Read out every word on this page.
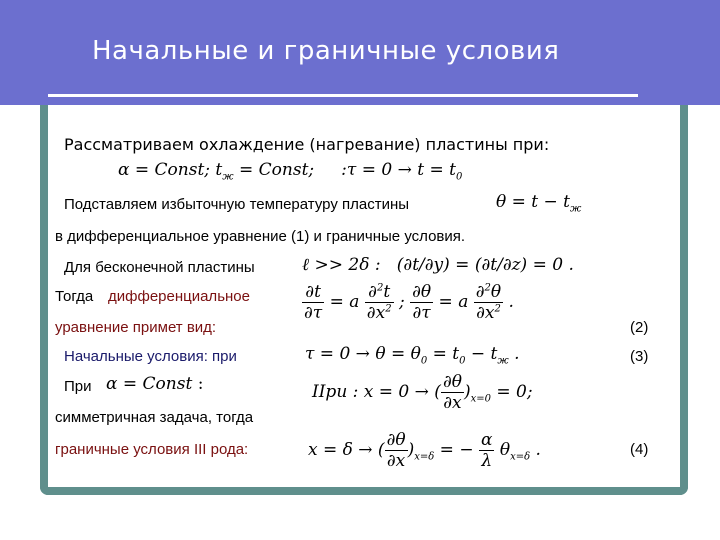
Начальные и граничные условия
Рассматриваем охлаждение (нагревание) пластины при:
α = Const; $t_ж$ = Const;     :τ = $0 \to t = t_0$
Подставляем избыточную температуру пластины	$\theta = t - t_ж$
в дифференциальное уравнение (1) и граничные условия.
Для бесконечной пластины	ℓ >> 2δ :   (∂t/∂y) = (∂t/∂z) = 0 .
Тогда дифференциальное
уравнение примет вид:
$\frac{\partial t}{\partial\tau} = a \frac{\partial^2t}{\partial x^2}$ ; $\frac{\partial\theta}{\partial\tau} = a \frac{\partial^2\theta}{\partial x^2}$ .
(2)
Начальные условия: при	$\tau = 0 \to \theta = \theta_0 = t_0 - t_ж$ .	(3)
При α = Const :	IIри : x = 0 → ( $\frac{\partial\theta}{\partial x} )_{x=0} = 0$;
симметричная задача, тогда
граничные условия III рода:	x = δ → ( $\frac{\partial\theta}{\partial x} )_{x=\delta}$ = − $\frac{\alpha}{\lambda} \theta_{x=\delta}$ .	(4)
